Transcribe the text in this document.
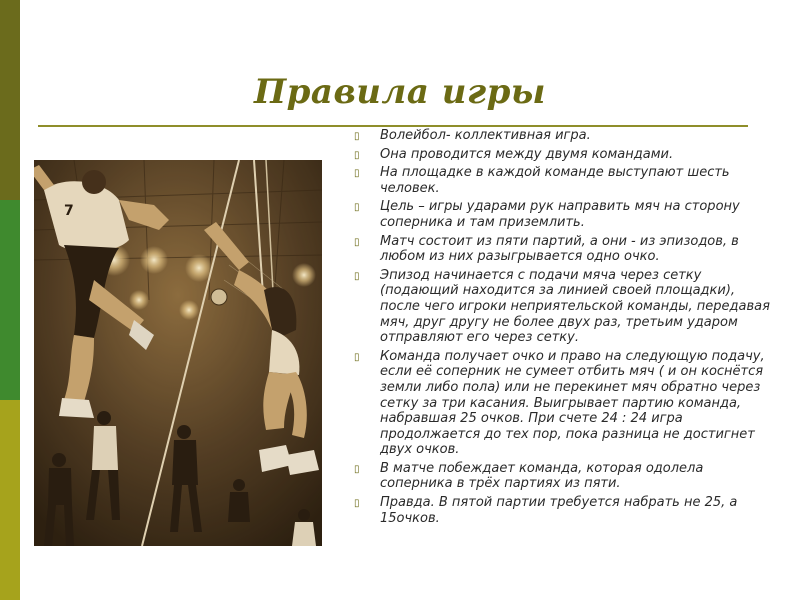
Правила игры
7
▯	Волейбол- коллективная игра.
▯	Она проводится между двумя командами.
▯	На площадке в каждой команде выступают шесть человек.
▯	Цель – игры ударами рук направить мяч на сторону соперника и там приземлить.
▯	Матч состоит из пяти партий, а они - из эпизодов, в любом из них разыгрывается одно очко.
▯	Эпизод начинается с подачи мяча через сетку (подающий находится за линией своей площадки), после чего игроки неприятельской команды, передавая мяч, друг другу не более двух раз, третьим ударом отправляют его через сетку.
▯	Команда получает очко и право на следующую подачу, если её соперник не сумеет отбить мяч ( и он коснётся земли либо пола) или не перекинет мяч обратно через сетку за три касания. Выигрывает партию команда, набравшая 25 очков. При счете 24 : 24 игра продолжается до тех пор, пока разница не достигнет двух очков.
▯	В матче побеждает команда, которая одолела соперника в трёх партиях из пяти.
▯	Правда. В пятой партии требуется набрать не 25, а 15очков.
